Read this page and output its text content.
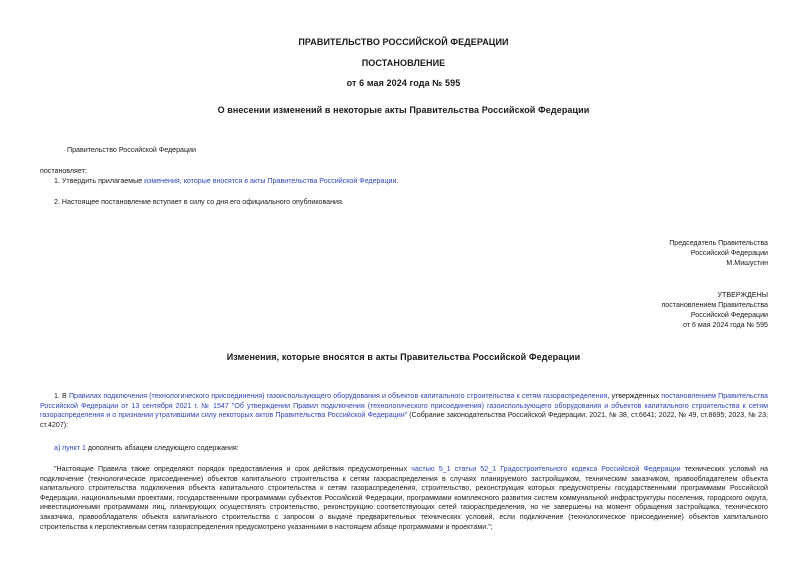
ПРАВИТЕЛЬСТВО РОССИЙСКОЙ ФЕДЕРАЦИИ
ПОСТАНОВЛЕНИЕ
от 6 мая 2024 года № 595
О внесении изменений в некоторые акты Правительства Российской Федерации
Правительство Российской Федерации
постановляет:
1. Утвердить прилагаемые изменения, которые вносятся в акты Правительства Российской Федерации.
2. Настоящее постановление вступает в силу со дня его официального опубликования.
Председатель Правительства
Российской Федерации
М.Мишустин
УТВЕРЖДЕНЫ
постановлением Правительства
Российской Федерации
от 6 мая 2024 года № 595
Изменения, которые вносятся в акты Правительства Российской Федерации
1. В Правилах подключения (технологического присоединения) газоиспользующего оборудования и объектов капитального строительства к сетям газораспределения, утвержденных постановлением Правительства Российской Федерации от 13 сентября 2021 г. № 1547 "Об утверждении Правил подключения (технологического присоединения) газоиспользующего оборудования и объектов капитального строительства к сетям газораспределения и о признании утратившими силу некоторых актов Правительства Российской Федерации" (Собрание законодательства Российской Федерации, 2021, № 38, ст.6641; 2022, № 49, ст.8695; 2023, № 23, ст.4207):
а) пункт 1 дополнить абзацем следующего содержания:
"Настоящие Правила также определяют порядок предоставления и срок действия предусмотренных частью 5_1 статьи 52_1 Градостроительного кодекса Российской Федерации технических условий на подключение (технологическое присоединение) объектов капитального строительства к сетям газораспределения в случаях планируемого застройщиком, техническим заказчиком, правообладателем объекта капитального строительства подключения объекта капитального строительства к сетям газораспределения, строительство, реконструкция которых предусмотрены государственными программами Российской Федерации, национальными проектами, государственными программами субъектов Российской Федерации, программами комплексного развития систем коммунальной инфраструктуры поселения, городского округа, инвестиционными программами лиц, планирующих осуществлять строительство, реконструкцию соответствующих сетей газораспределения, но не завершены на момент обращения застройщика, технического заказчика, правообладателя объекта капитального строительства с запросом о выдаче предварительных технических условий, если подключение (технологическое присоединение) объектов капитального строительства к перспективным сетям газораспределения предусмотрено указанными в настоящем абзаце программами и проектами.";
